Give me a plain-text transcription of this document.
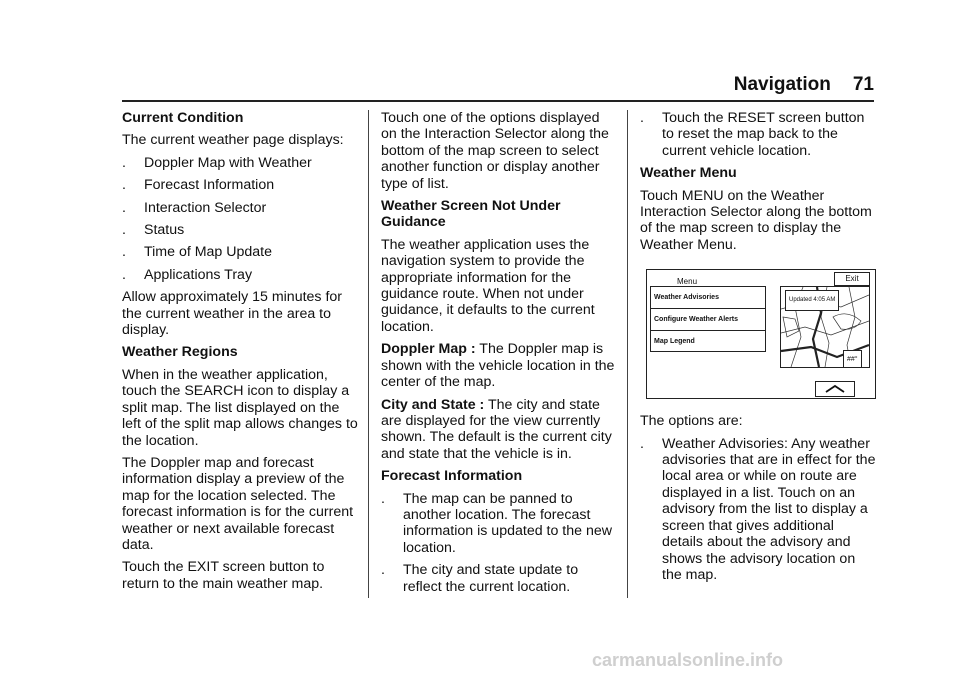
Navigation 71
Current Condition

The current weather page displays:

.	Doppler Map with Weather
.	Forecast Information
.	Interaction Selector
.	Status
.	Time of Map Update
.	Applications Tray

Allow approximately 15 minutes for the current weather in the area to display.

Weather Regions

When in the weather application, touch the SEARCH icon to display a split map. The list displayed on the left of the split map allows changes to the location.

The Doppler map and forecast information display a preview of the map for the location selected. The forecast information is for the current weather or next available forecast data.

Touch the EXIT screen button to return to the main weather map.

Touch one of the options displayed on the Interaction Selector along the bottom of the map screen to select another function or display another type of list.

Weather Screen Not Under Guidance

The weather application uses the navigation system to provide the appropriate information for the guidance route. When not under guidance, it defaults to the current location.

Doppler Map : The Doppler map is shown with the vehicle location in the center of the map.

City and State : The city and state are displayed for the view currently shown. The default is the current city and state that the vehicle is in.

Forecast Information
.	The map can be panned to another location. The forecast information is updated to the new location.
.	The city and state update to reflect the current location.
.	Touch the RESET screen button to reset the map back to the current vehicle location.
Weather Menu

Touch MENU on the Weather Interaction Selector along the bottom of the map screen to display the Weather Menu.

Menu	Exit
Weather Advisories
Configure Weather Alerts
Map Legend
Updated 4:05 AM
##°

The options are:

.	Weather Advisories: Any weather advisories that are in effect for the local area or while on route are displayed in a list. Touch on an advisory from the list to display a screen that gives additional details about the advisory and shows the advisory location on the map.
carmanualsonline.info
